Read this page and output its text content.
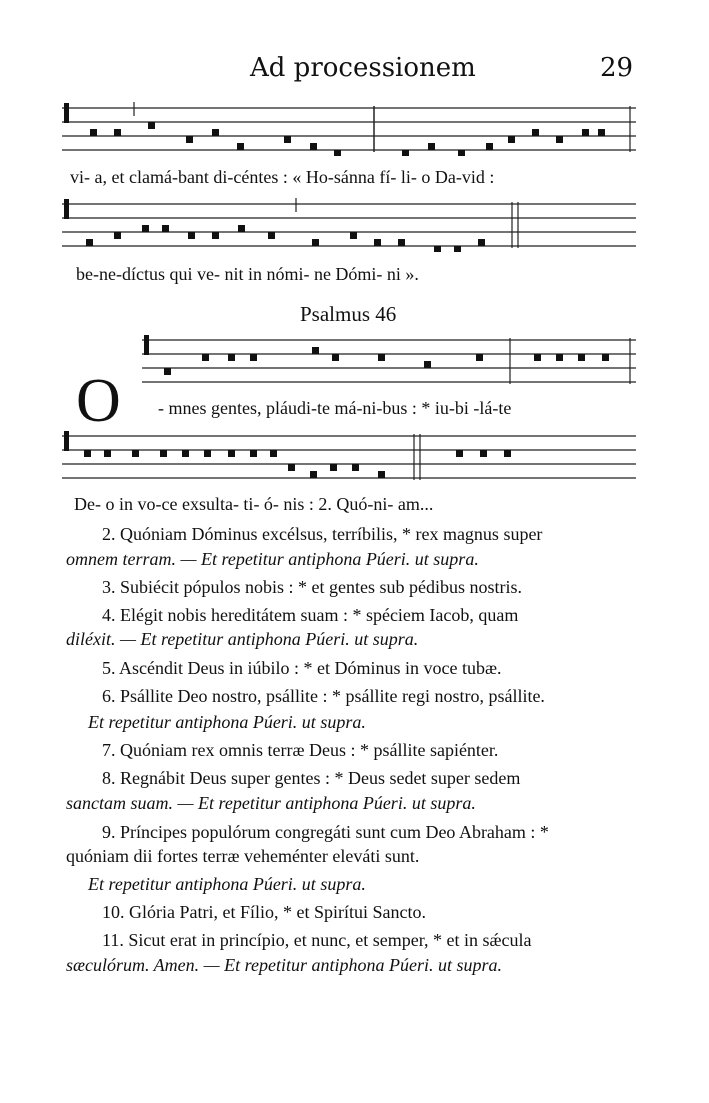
Ad processionem	29
vi- a, et clamá-bant di-céntes : « Ho-sánna fí- li- o Da-vid :
be-ne-díctus qui ve- nit in nómi- ne Dómi- ni ».
Psalmus 46
O - mnes gentes, pláudi-te má-ni-bus : * iu-bi -lá-te
De- o in vo-ce exsulta- ti- ó- nis : 2. Quó-ni- am...
2. Quóniam Dóminus excélsus, terríbilis, * rex magnus super
omnem terram. — Et repetitur antiphona Púeri. ut supra.
3. Subiécit pópulos nobis : * et gentes sub pédibus nostris.
4. Elégit nobis hereditátem suam : * spéciem Iacob, quam
diléxit. — Et repetitur antiphona Púeri. ut supra.
5. Ascéndit Deus in iúbilo : * et Dóminus in voce tubæ.
6. Psállite Deo nostro, psállite : * psállite regi nostro, psállite.
Et repetitur antiphona Púeri. ut supra.
7. Quóniam rex omnis terræ Deus : * psállite sapiénter.
8. Regnábit Deus super gentes : * Deus sedet super sedem
sanctam suam. — Et repetitur antiphona Púeri. ut supra.
9. Príncipes populórum congregáti sunt cum Deo Abraham : *
quóniam dii fortes terræ veheménter eleváti sunt.
Et repetitur antiphona Púeri. ut supra.
10. Glória Patri, et Fílio, * et Spirítui Sancto.
11. Sicut erat in princípio, et nunc, et semper, * et in sǽcula
sæculórum. Amen. — Et repetitur antiphona Púeri. ut supra.
